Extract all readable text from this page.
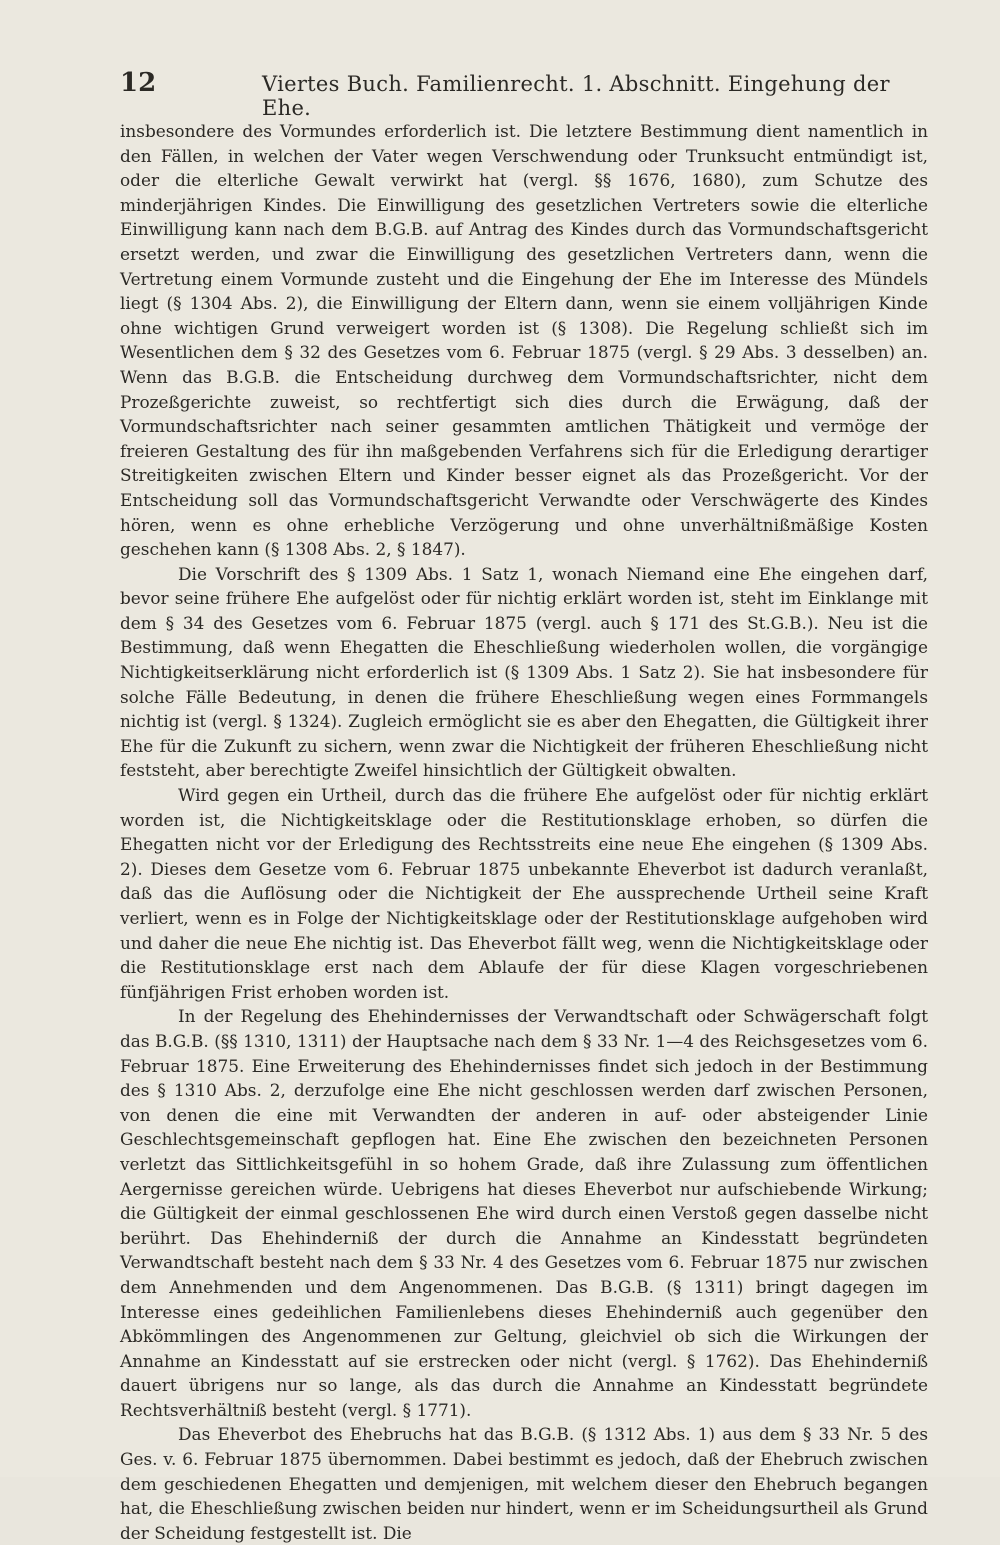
12	Viertes Buch. Familienrecht. 1. Abschnitt. Eingehung der Ehe.

insbesondere des Vormundes erforderlich ist. Die letztere Bestimmung dient namentlich in den Fällen, in welchen der Vater wegen Verschwendung oder Trunksucht entmündigt ist, oder die elterliche Gewalt verwirkt hat (vergl. §§ 1676, 1680), zum Schutze des minderjährigen Kindes. Die Einwilligung des gesetzlichen Vertreters sowie die elterliche Einwilligung kann nach dem B.G.B. auf Antrag des Kindes durch das Vormundschaftsgericht ersetzt werden, und zwar die Einwilligung des gesetzlichen Vertreters dann, wenn die Vertretung einem Vormunde zusteht und die Eingehung der Ehe im Interesse des Mündels liegt (§ 1304 Abs. 2), die Einwilligung der Eltern dann, wenn sie einem volljährigen Kinde ohne wichtigen Grund verweigert worden ist (§ 1308). Die Regelung schließt sich im Wesentlichen dem § 32 des Gesetzes vom 6. Februar 1875 (vergl. § 29 Abs. 3 desselben) an. Wenn das B.G.B. die Entscheidung durchweg dem Vormundschaftsrichter, nicht dem Prozeßgerichte zuweist, so rechtfertigt sich dies durch die Erwägung, daß der Vormundschaftsrichter nach seiner gesammten amtlichen Thätigkeit und vermöge der freieren Gestaltung des für ihn maßgebenden Verfahrens sich für die Erledigung derartiger Streitigkeiten zwischen Eltern und Kinder besser eignet als das Prozeßgericht. Vor der Entscheidung soll das Vormundschaftsgericht Verwandte oder Verschwägerte des Kindes hören, wenn es ohne erhebliche Verzögerung und ohne unverhältnißmäßige Kosten geschehen kann (§ 1308 Abs. 2, § 1847).

Die Vorschrift des § 1309 Abs. 1 Satz 1, wonach Niemand eine Ehe eingehen darf, bevor seine frühere Ehe aufgelöst oder für nichtig erklärt worden ist, steht im Einklange mit dem § 34 des Gesetzes vom 6. Februar 1875 (vergl. auch § 171 des St.G.B.). Neu ist die Bestimmung, daß wenn Ehegatten die Eheschließung wiederholen wollen, die vorgängige Nichtigkeitserklärung nicht erforderlich ist (§ 1309 Abs. 1 Satz 2). Sie hat insbesondere für solche Fälle Bedeutung, in denen die frühere Eheschließung wegen eines Formmangels nichtig ist (vergl. § 1324). Zugleich ermöglicht sie es aber den Ehegatten, die Gültigkeit ihrer Ehe für die Zukunft zu sichern, wenn zwar die Nichtigkeit der früheren Eheschließung nicht feststeht, aber berechtigte Zweifel hinsichtlich der Gültigkeit obwalten.

Wird gegen ein Urtheil, durch das die frühere Ehe aufgelöst oder für nichtig erklärt worden ist, die Nichtigkeitsklage oder die Restitutionsklage erhoben, so dürfen die Ehegatten nicht vor der Erledigung des Rechtsstreits eine neue Ehe eingehen (§ 1309 Abs. 2). Dieses dem Gesetze vom 6. Februar 1875 unbekannte Eheverbot ist dadurch veranlaßt, daß das die Auflösung oder die Nichtigkeit der Ehe aussprechende Urtheil seine Kraft verliert, wenn es in Folge der Nichtigkeitsklage oder der Restitutionsklage aufgehoben wird und daher die neue Ehe nichtig ist. Das Eheverbot fällt weg, wenn die Nichtigkeitsklage oder die Restitutionsklage erst nach dem Ablaufe der für diese Klagen vorgeschriebenen fünfjährigen Frist erhoben worden ist.

In der Regelung des Ehehindernisses der Verwandtschaft oder Schwägerschaft folgt das B.G.B. (§§ 1310, 1311) der Hauptsache nach dem § 33 Nr. 1—4 des Reichsgesetzes vom 6. Februar 1875. Eine Erweiterung des Ehehindernisses findet sich jedoch in der Bestimmung des § 1310 Abs. 2, derzufolge eine Ehe nicht geschlossen werden darf zwischen Personen, von denen die eine mit Verwandten der anderen in auf- oder absteigender Linie Geschlechtsgemeinschaft gepflogen hat. Eine Ehe zwischen den bezeichneten Personen verletzt das Sittlichkeitsgefühl in so hohem Grade, daß ihre Zulassung zum öffentlichen Aergernisse gereichen würde. Uebrigens hat dieses Eheverbot nur aufschiebende Wirkung; die Gültigkeit der einmal geschlossenen Ehe wird durch einen Verstoß gegen dasselbe nicht berührt. Das Ehehinderniß der durch die Annahme an Kindesstatt begründeten Verwandtschaft besteht nach dem § 33 Nr. 4 des Gesetzes vom 6. Februar 1875 nur zwischen dem Annehmenden und dem Angenommenen. Das B.G.B. (§ 1311) bringt dagegen im Interesse eines gedeihlichen Familienlebens dieses Ehehinderniß auch gegenüber den Abkömmlingen des Angenommenen zur Geltung, gleichviel ob sich die Wirkungen der Annahme an Kindesstatt auf sie erstrecken oder nicht (vergl. § 1762). Das Ehehinderniß dauert übrigens nur so lange, als das durch die Annahme an Kindesstatt begründete Rechtsverhältniß besteht (vergl. § 1771).

Das Eheverbot des Ehebruchs hat das B.G.B. (§ 1312 Abs. 1) aus dem § 33 Nr. 5 des Ges. v. 6. Februar 1875 übernommen. Dabei bestimmt es jedoch, daß der Ehebruch zwischen dem geschiedenen Ehegatten und demjenigen, mit welchem dieser den Ehebruch begangen hat, die Eheschließung zwischen beiden nur hindert, wenn er im Scheidungsurtheil als Grund der Scheidung festgestellt ist. Die
